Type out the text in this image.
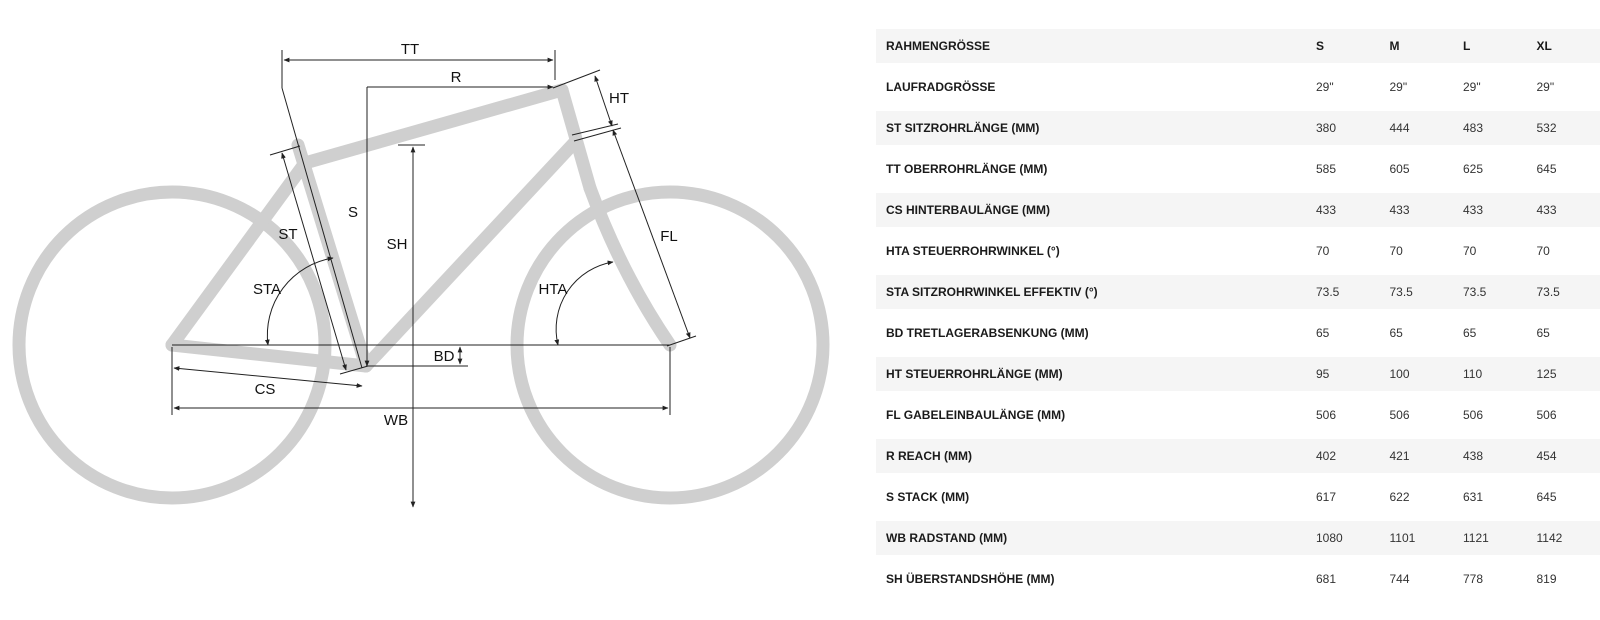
TT
R
HT
S
ST
SH	FL
STA	HTA
BD
CS
WB
RAHMENGRÖSSE	S	M	L	XL
LAUFRADGRÖSSE	29"	29"	29"	29"
ST SITZROHRLÄNGE (MM)	380	444	483	532
TT OBERROHRLÄNGE (MM)	585	605	625	645
CS HINTERBAULÄNGE (MM)	433	433	433	433
HTA STEUERROHRWINKEL (°)	70	70	70	70
STA SITZROHRWINKEL EFFEKTIV (°)	73.5	73.5	73.5	73.5
BD TRETLAGERABSENKUNG (MM)	65	65	65	65
HT STEUERROHRLÄNGE (MM)	95	100	110	125
FL GABELEINBAULÄNGE (MM)	506	506	506	506
R REACH (MM)	402	421	438	454
S STACK (MM)	617	622	631	645
WB RADSTAND (MM)	1080	1101	1121	1142
SH ÜBERSTANDSHÖHE (MM)	681	744	778	819
